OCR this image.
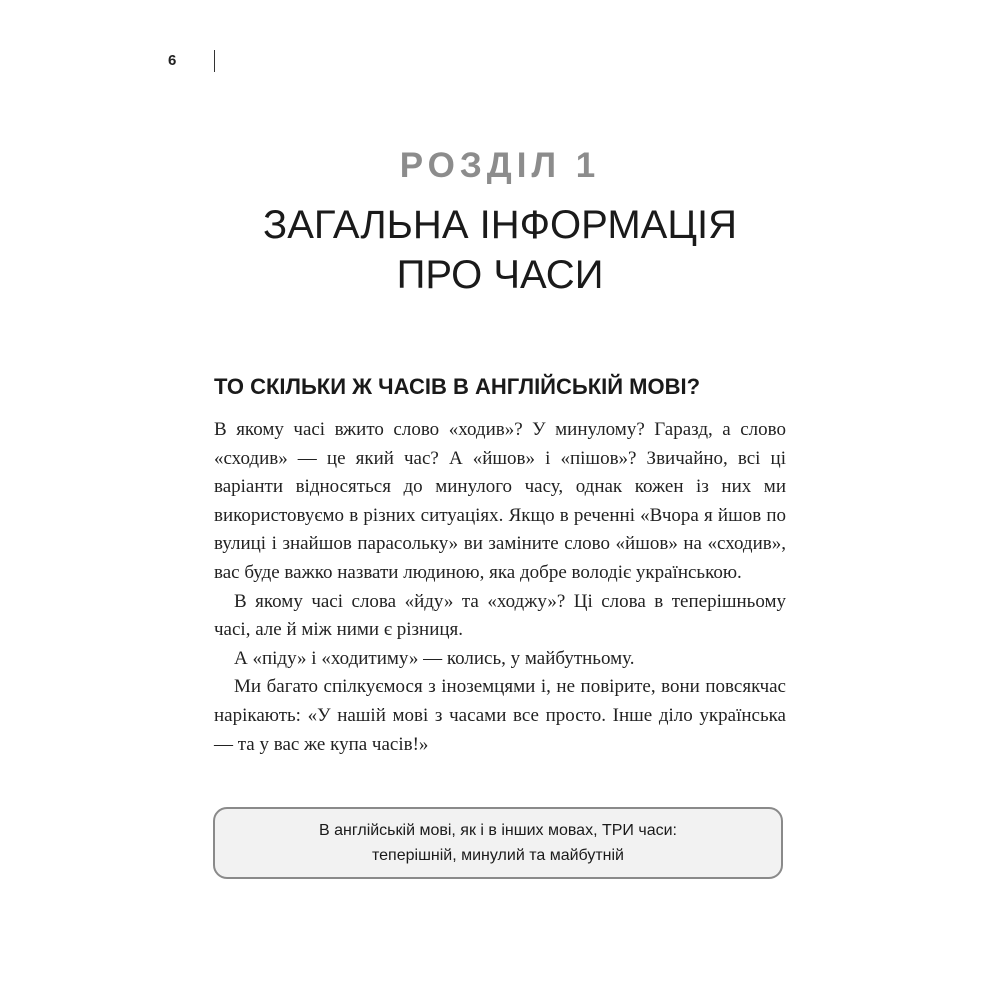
6
РОЗДІЛ 1
ЗАГАЛЬНА ІНФОРМАЦІЯ
ПРО ЧАСИ
ТО СКІЛЬКИ Ж ЧАСІВ В АНГЛІЙСЬКІЙ МОВІ?

В якому часі вжито слово «ходив»? У минулому? Гаразд, а слово «сходив» — це який час? А «йшов» і «пішов»? Звичайно, всі ці варіанти відносяться до минулого часу, однак кожен із них ми використовуємо в різних ситуаціях. Якщо в реченні «Вчора я йшов по вулиці і знайшов парасольку» ви заміните слово «йшов» на «сходив», вас буде важко назвати людиною, яка добре володіє українською.

В якому часі слова «йду» та «ходжу»? Ці слова в теперішньому часі, але й між ними є різниця.

А «піду» і «ходитиму» — колись, у майбутньому.

Ми багато спілкуємося з іноземцями і, не повірите, вони повсякчас нарікають: «У нашій мові з часами все просто. Інше діло українська — та у вас же купа часів!»

В англійській мові, як і в інших мовах, ТРИ часи:
теперішній, минулий та майбутній
